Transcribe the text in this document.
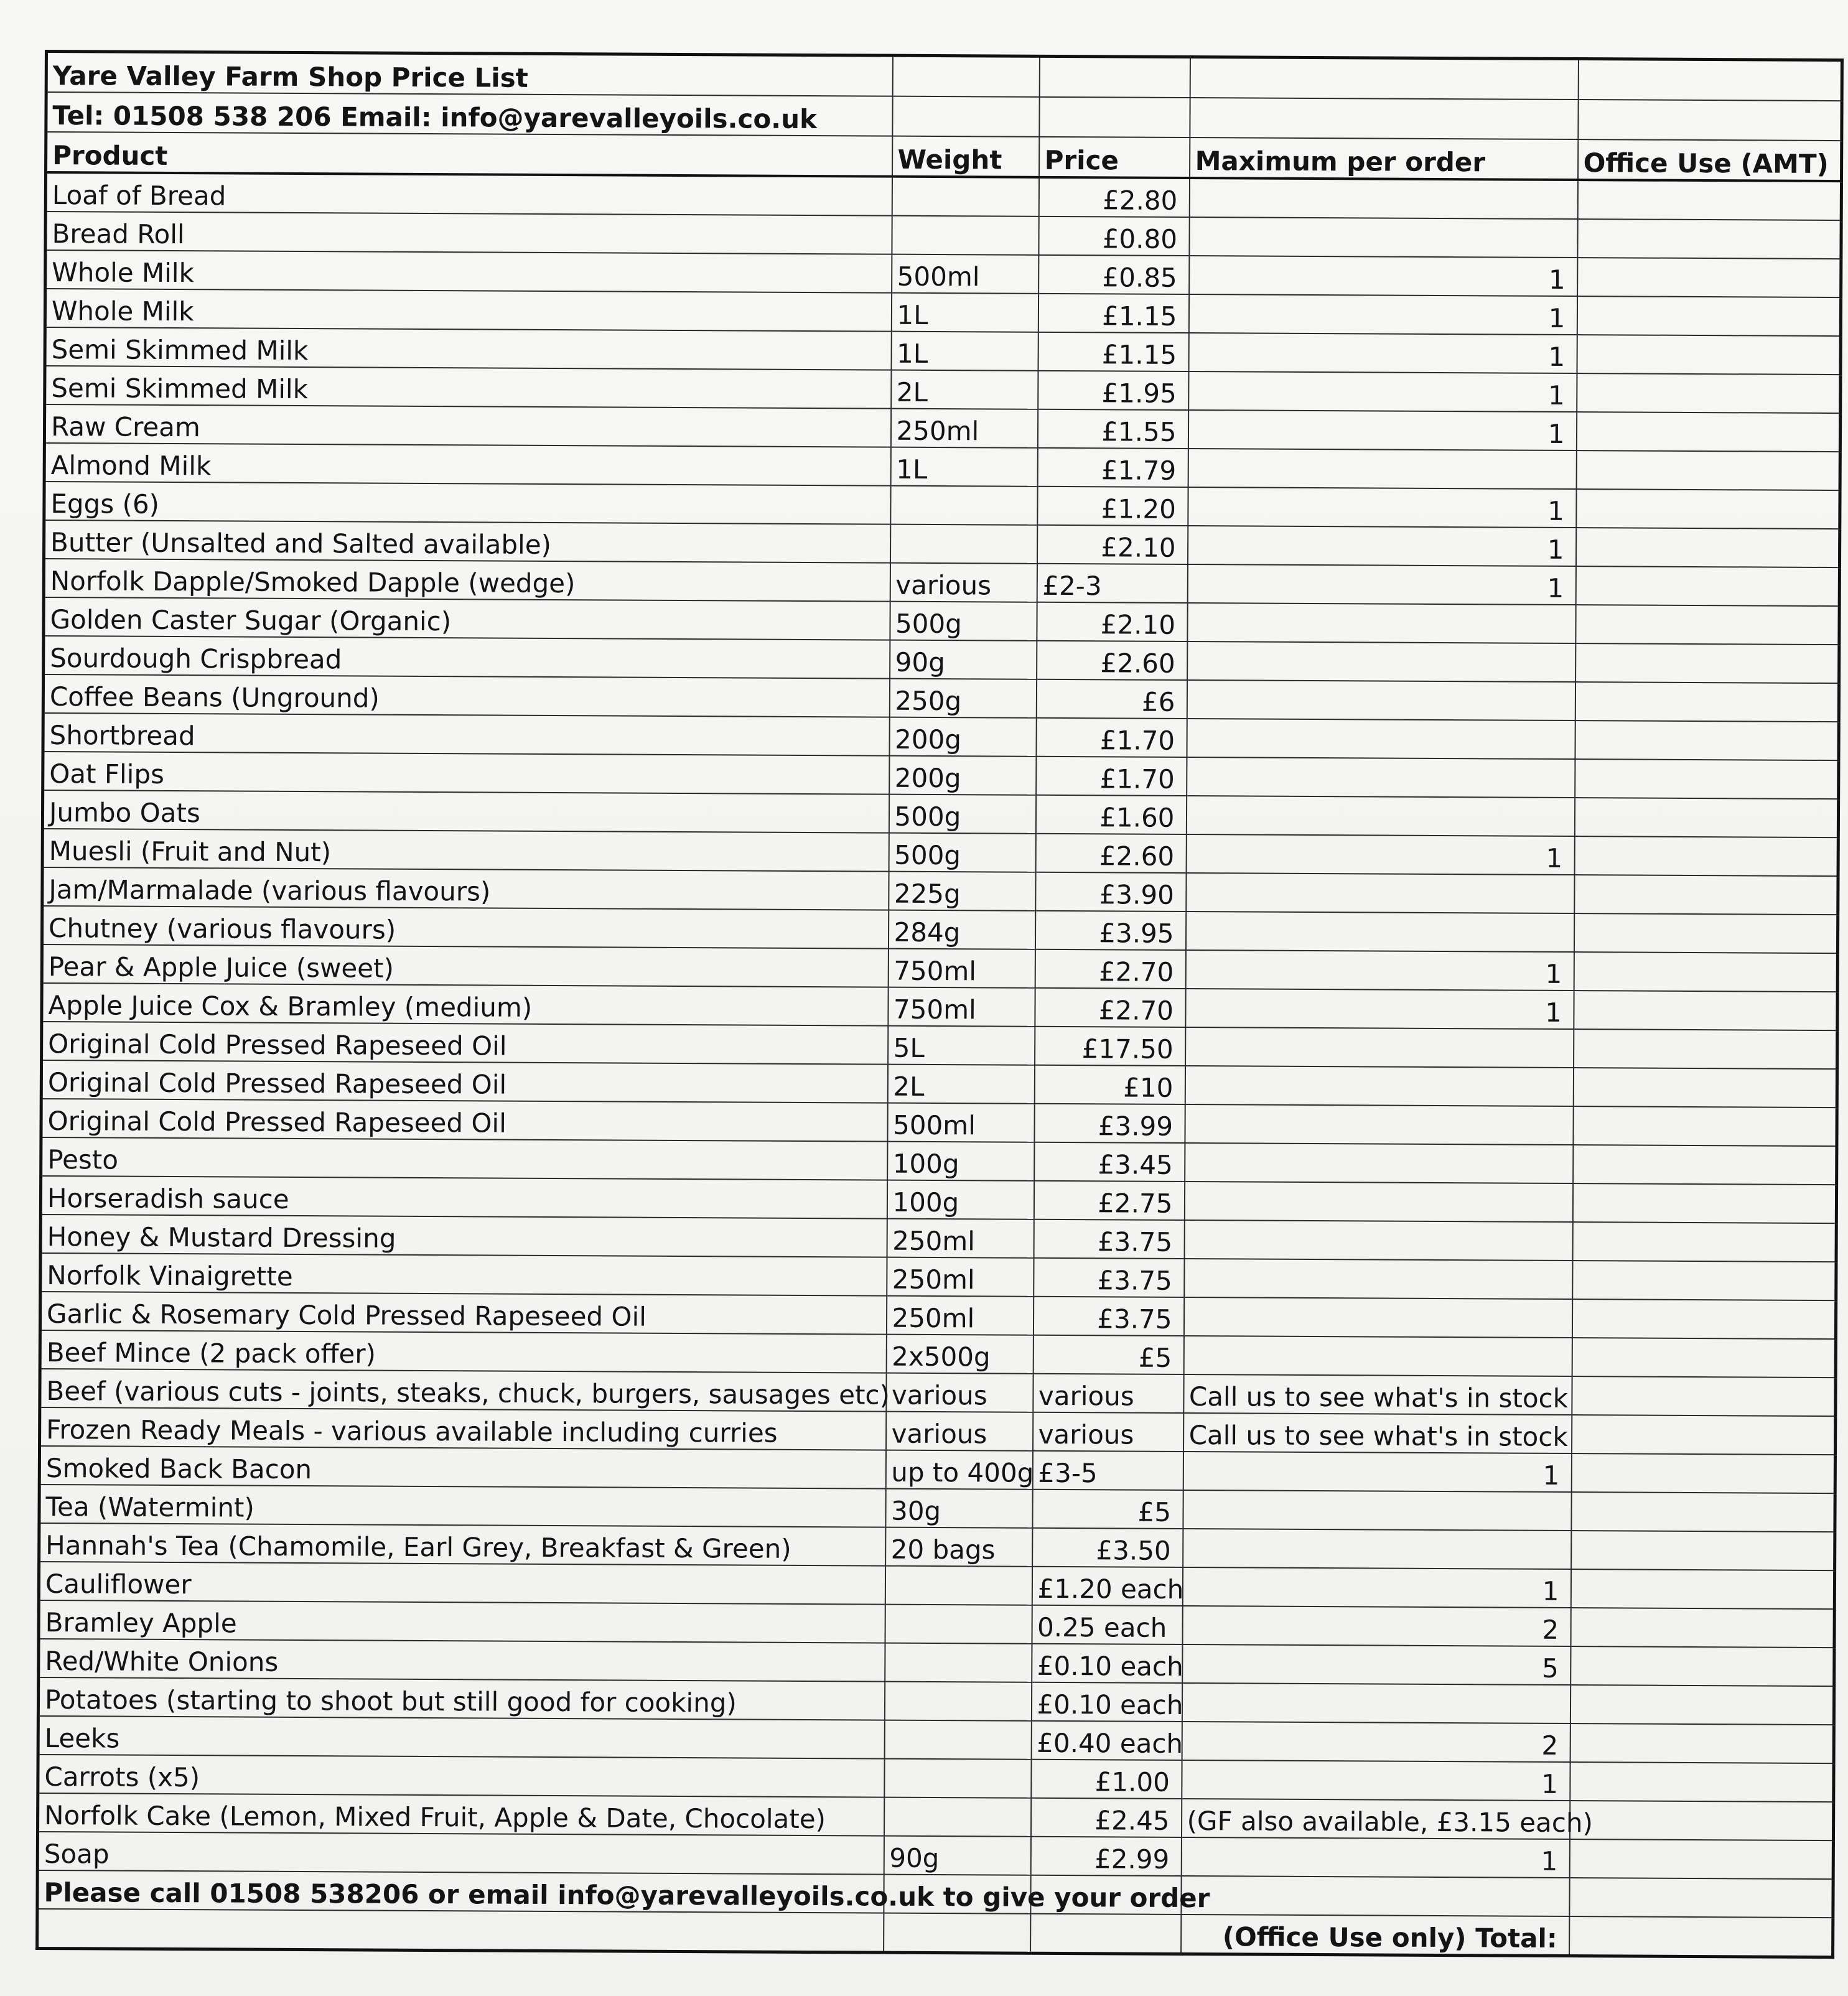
Yare Valley Farm Shop Price List				
Tel: 01508 538 206 Email: info@yarevalleyoils.co.uk				
Product	Weight	Price	Maximum per order	Office Use (AMT)
Loaf of Bread		£2.80		
Bread Roll		£0.80		
Whole Milk	500ml	£0.85	1	
Whole Milk	1L	£1.15	1	
Semi Skimmed Milk	1L	£1.15	1	
Semi Skimmed Milk	2L	£1.95	1	
Raw Cream	250ml	£1.55	1	
Almond Milk	1L	£1.79		
Eggs (6)		£1.20	1	
Butter (Unsalted and Salted available)		£2.10	1	
Norfolk Dapple/Smoked Dapple (wedge)	various	£2-3	1	
Golden Caster Sugar (Organic)	500g	£2.10		
Sourdough Crispbread	90g	£2.60		
Coffee Beans (Unground)	250g	£6		
Shortbread	200g	£1.70		
Oat Flips	200g	£1.70		
Jumbo Oats	500g	£1.60		
Muesli (Fruit and Nut)	500g	£2.60	1	
Jam/Marmalade (various flavours)	225g	£3.90		
Chutney (various flavours)	284g	£3.95		
Pear & Apple Juice (sweet)	750ml	£2.70	1	
Apple Juice Cox & Bramley (medium)	750ml	£2.70	1	
Original Cold Pressed Rapeseed Oil	5L	£17.50		
Original Cold Pressed Rapeseed Oil	2L	£10		
Original Cold Pressed Rapeseed Oil	500ml	£3.99		
Pesto	100g	£3.45		
Horseradish sauce	100g	£2.75		
Honey & Mustard Dressing	250ml	£3.75		
Norfolk Vinaigrette	250ml	£3.75		
Garlic & Rosemary Cold Pressed Rapeseed Oil	250ml	£3.75		
Beef Mince (2 pack offer)	2x500g	£5		
Beef (various cuts - joints, steaks, chuck, burgers, sausages etc)	various	various	Call us to see what's in stock	
Frozen Ready Meals - various available including curries	various	various	Call us to see what's in stock	
Smoked Back Bacon	up to 400g	£3-5	1	
Tea (Watermint)	30g	£5		
Hannah's Tea (Chamomile, Earl Grey, Breakfast & Green)	20 bags	£3.50		
Cauliflower		£1.20 each	1	
Bramley Apple		0.25 each	2	
Red/White Onions		£0.10 each	5	
Potatoes (starting to shoot but still good for cooking)		£0.10 each		
Leeks		£0.40 each	2	
Carrots (x5)		£1.00	1	
Norfolk Cake (Lemon, Mixed Fruit, Apple & Date, Chocolate)		£2.45	(GF also available, £3.15 each)	
Soap	90g	£2.99	1	
Please call 01508 538206 or email info@yarevalleyoils.co.uk to give your order				
			(Office Use only) Total:	
